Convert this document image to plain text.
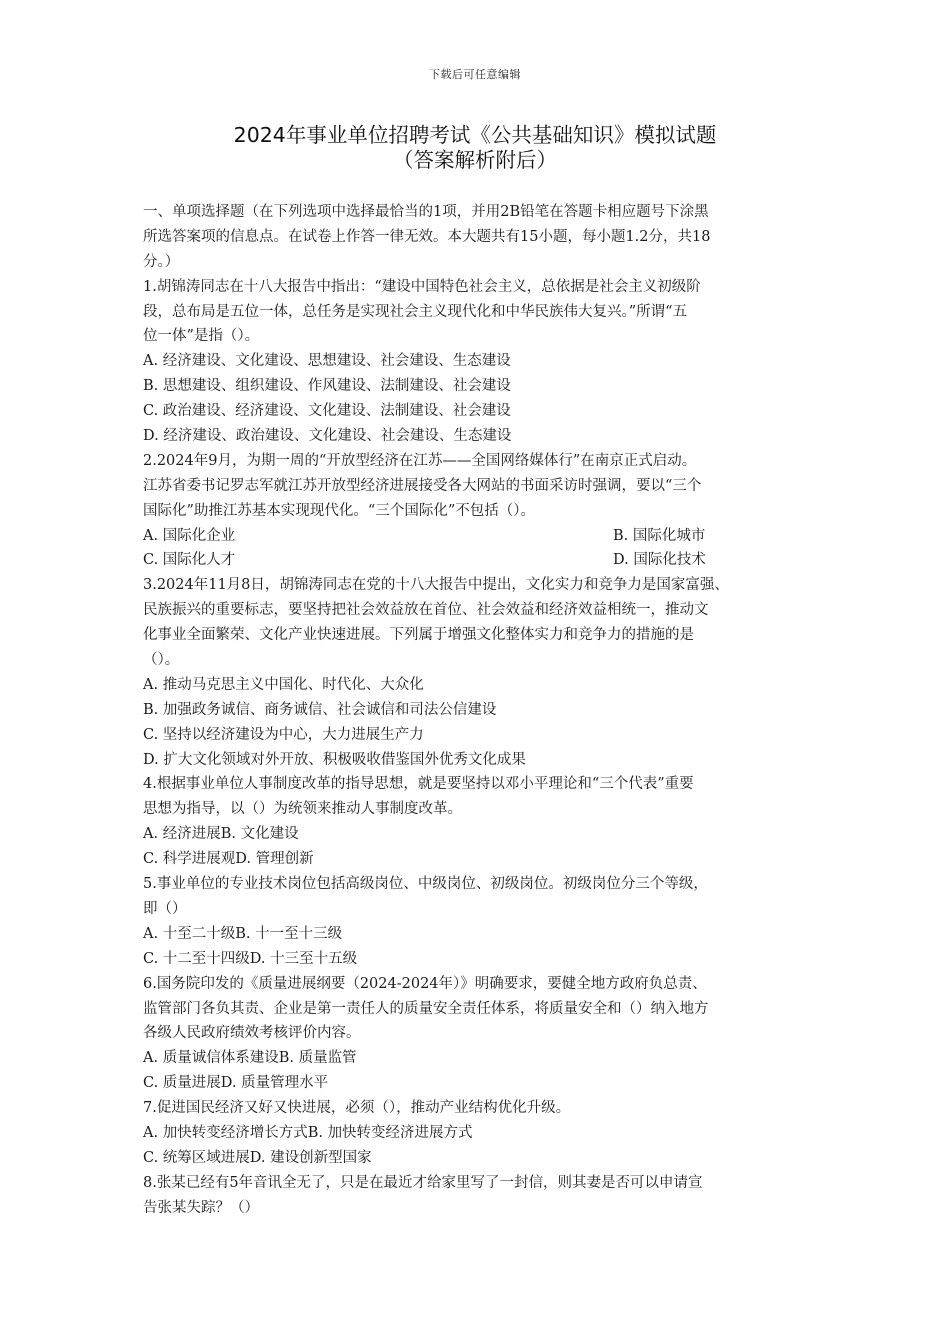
下载后可任意编辑
2024年事业单位招聘考试《公共基础知识》模拟试题
（答案解析附后）
一、单项选择题（在下列选项中选择最恰当的1项，并用2B铅笔在答题卡相应题号下涂黑
所选答案项的信息点。在试卷上作答一律无效。本大题共有15小题，每小题1.2分，共18
分。）
1.胡锦涛同志在十八大报告中指出：“建设中国特色社会主义，总依据是社会主义初级阶
段，总布局是五位一体，总任务是实现社会主义现代化和中华民族伟大复兴。”所谓“五
位一体”是指（）。
A. 经济建设、文化建设、思想建设、社会建设、生态建设
B. 思想建设、组织建设、作风建设、法制建设、社会建设
C. 政治建设、经济建设、文化建设、法制建设、社会建设
D. 经济建设、政治建设、文化建设、社会建设、生态建设
2.2024年9月，为期一周的“开放型经济在江苏——全国网络媒体行”在南京正式启动。
江苏省委书记罗志军就江苏开放型经济进展接受各大网站的书面采访时强调，要以“三个
国际化”助推江苏基本实现现代化。“三个国际化”不包括（）。
A. 国际化企业	B. 国际化城市
C. 国际化人才	D. 国际化技术
3.2024年11月8日，胡锦涛同志在党的十八大报告中提出，文化实力和竞争力是国家富强、
民族振兴的重要标志，要坚持把社会效益放在首位、社会效益和经济效益相统一，推动文
化事业全面繁荣、文化产业快速进展。下列属于增强文化整体实力和竞争力的措施的是
（）。
A. 推动马克思主义中国化、时代化、大众化
B. 加强政务诚信、商务诚信、社会诚信和司法公信建设
C. 坚持以经济建设为中心，大力进展生产力
D. 扩大文化领域对外开放、积极吸收借鉴国外优秀文化成果
4.根据事业单位人事制度改革的指导思想，就是要坚持以邓小平理论和“三个代表”重要
思想为指导，以（）为统领来推动人事制度改革。
A. 经济进展B. 文化建设
C. 科学进展观D. 管理创新
5.事业单位的专业技术岗位包括高级岗位、中级岗位、初级岗位。初级岗位分三个等级，
即（）
A. 十至二十级B. 十一至十三级
C. 十二至十四级D. 十三至十五级
6.国务院印发的《质量进展纲要（2024-2024年）》明确要求，要健全地方政府负总责、
监管部门各负其责、企业是第一责任人的质量安全责任体系，将质量安全和（）纳入地方
各级人民政府绩效考核评价内容。
A. 质量诚信体系建设B. 质量监管
C. 质量进展D. 质量管理水平
7.促进国民经济又好又快进展，必须（），推动产业结构优化升级。
A. 加快转变经济增长方式B. 加快转变经济进展方式
C. 统筹区域进展D. 建设创新型国家
8.张某已经有5年音讯全无了，只是在最近才给家里写了一封信，则其妻是否可以申请宣
告张某失踪？（）
